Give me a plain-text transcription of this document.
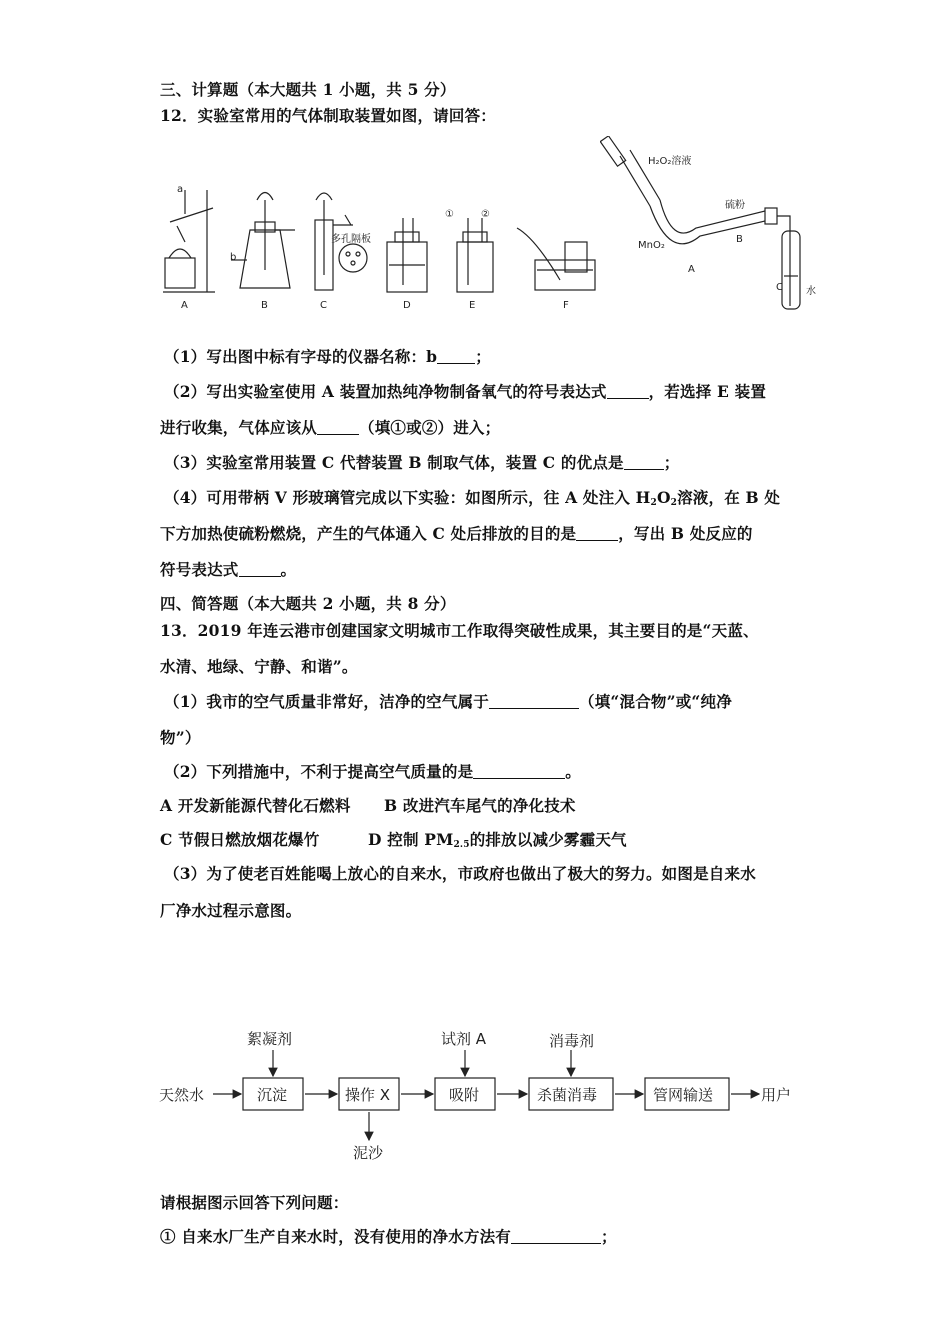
三、计算题（本大题共 1 小题，共 5 分）
12．实验室常用的气体制取装置如图，请回答：
a
b
A	B	C	D	E	F
多孔隔板
①	②
H₂O₂溶液
MnO₂
硫粉
A
B
C 水
（1）写出图中标有字母的仪器名称：b ；
（2）写出实验室使用 A 装置加热纯净物制备氧气的符号表达式	，若选择 E 装置
进行收集，气体应该从	（填①或②）进入；
（3）实验室常用装置 C 代替装置 B 制取气体，装置 C 的优点是	；
（4）可用带柄 V 形玻璃管完成以下实验：如图所示，往 A 处注入 $H_2O_2$溶液，在 B 处
下方加热使硫粉燃烧，产生的气体通入 C 处后排放的目的是	，写出 B 处反应的
符号表达式	。
四、简答题（本大题共 2 小题，共 8 分）
13．2019 年连云港市创建国家文明城市工作取得突破性成果，其主要目的是“天蓝、
水清、地绿、宁静、和谐”。
（1）我市的空气质量非常好，洁净的空气属于	（填“混合物”或“纯净
物”）
（2）下列措施中，不利于提高空气质量的是	。
A 开发新能源代替化石燃料 B 改进汽车尾气的净化技术
C 节假日燃放烟花爆竹	D 控制 $PM_{2.5}$的排放以减少雾霾天气
（3）为了使老百姓能喝上放心的自来水，市政府也做出了极大的努力。如图是自来水
厂净水过程示意图。
天然水	沉淀	操作 X	吸附	杀菌消毒	管网输送	用户
絮凝剂	试剂 A	消毒剂
泥沙
请根据图示回答下列问题：
① 自来水厂生产自来水时，没有使用的净水方法有	；
